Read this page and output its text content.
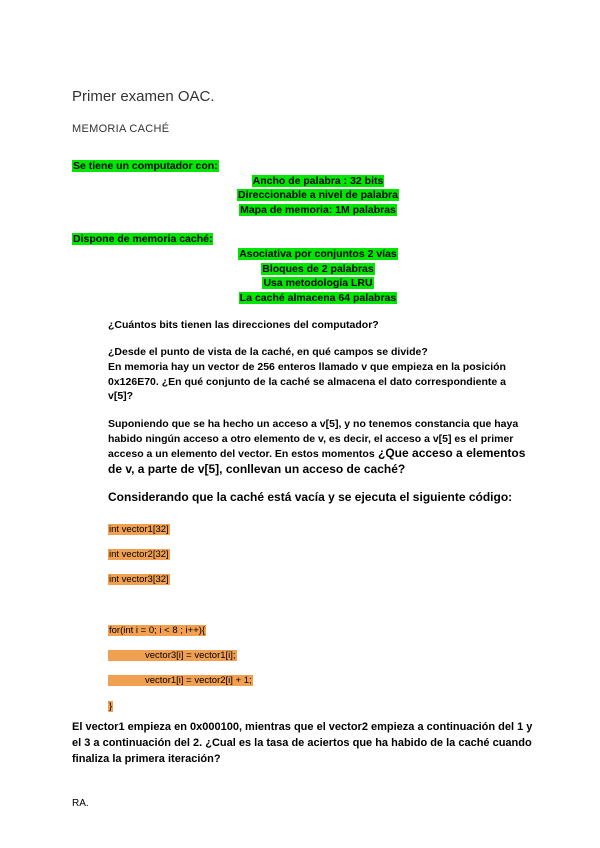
Primer examen OAC.
MEMORIA CACHÉ
Se tiene un computador con:
Ancho de palabra : 32 bits
Direccionable a nivel de palabra
Mapa de memoria: 1M palabras
Dispone de memoria caché:
Asociativa por conjuntos 2 vías
Bloques de 2 palabras
Usa metodología LRU
La caché almacena 64 palabras
¿Cuántos bits tienen las direcciones del computador?
¿Desde el punto de vista de la caché, en qué campos se divide?
En memoria hay un vector de 256 enteros llamado v que empieza en la posición 0x126E70. ¿En qué conjunto de la caché se almacena el dato correspondiente a v[5]?
Suponiendo que se ha hecho un acceso a v[5], y no tenemos constancia que haya habido ningún acceso a otro elemento de v, es decir, el acceso a v[5] es el primer acceso a un elemento del vector. En estos momentos ¿Que acceso a elementos de v, a parte de v[5], conllevan un acceso de caché?
Considerando que la caché está vacía y se ejecuta el siguiente código:
int vector1[32]
int vector2[32]
int vector3[32]
for(int i = 0; i < 8 ; i++){
vector3[i] = vector1[i];
vector1[i] = vector2[i] + 1;
}
El vector1 empieza en 0x000100, mientras que el vector2 empieza a continuación del 1 y el 3 a continuación del 2. ¿Cual es la tasa de aciertos que ha habido de la caché cuando finaliza la primera iteración?
RA.
